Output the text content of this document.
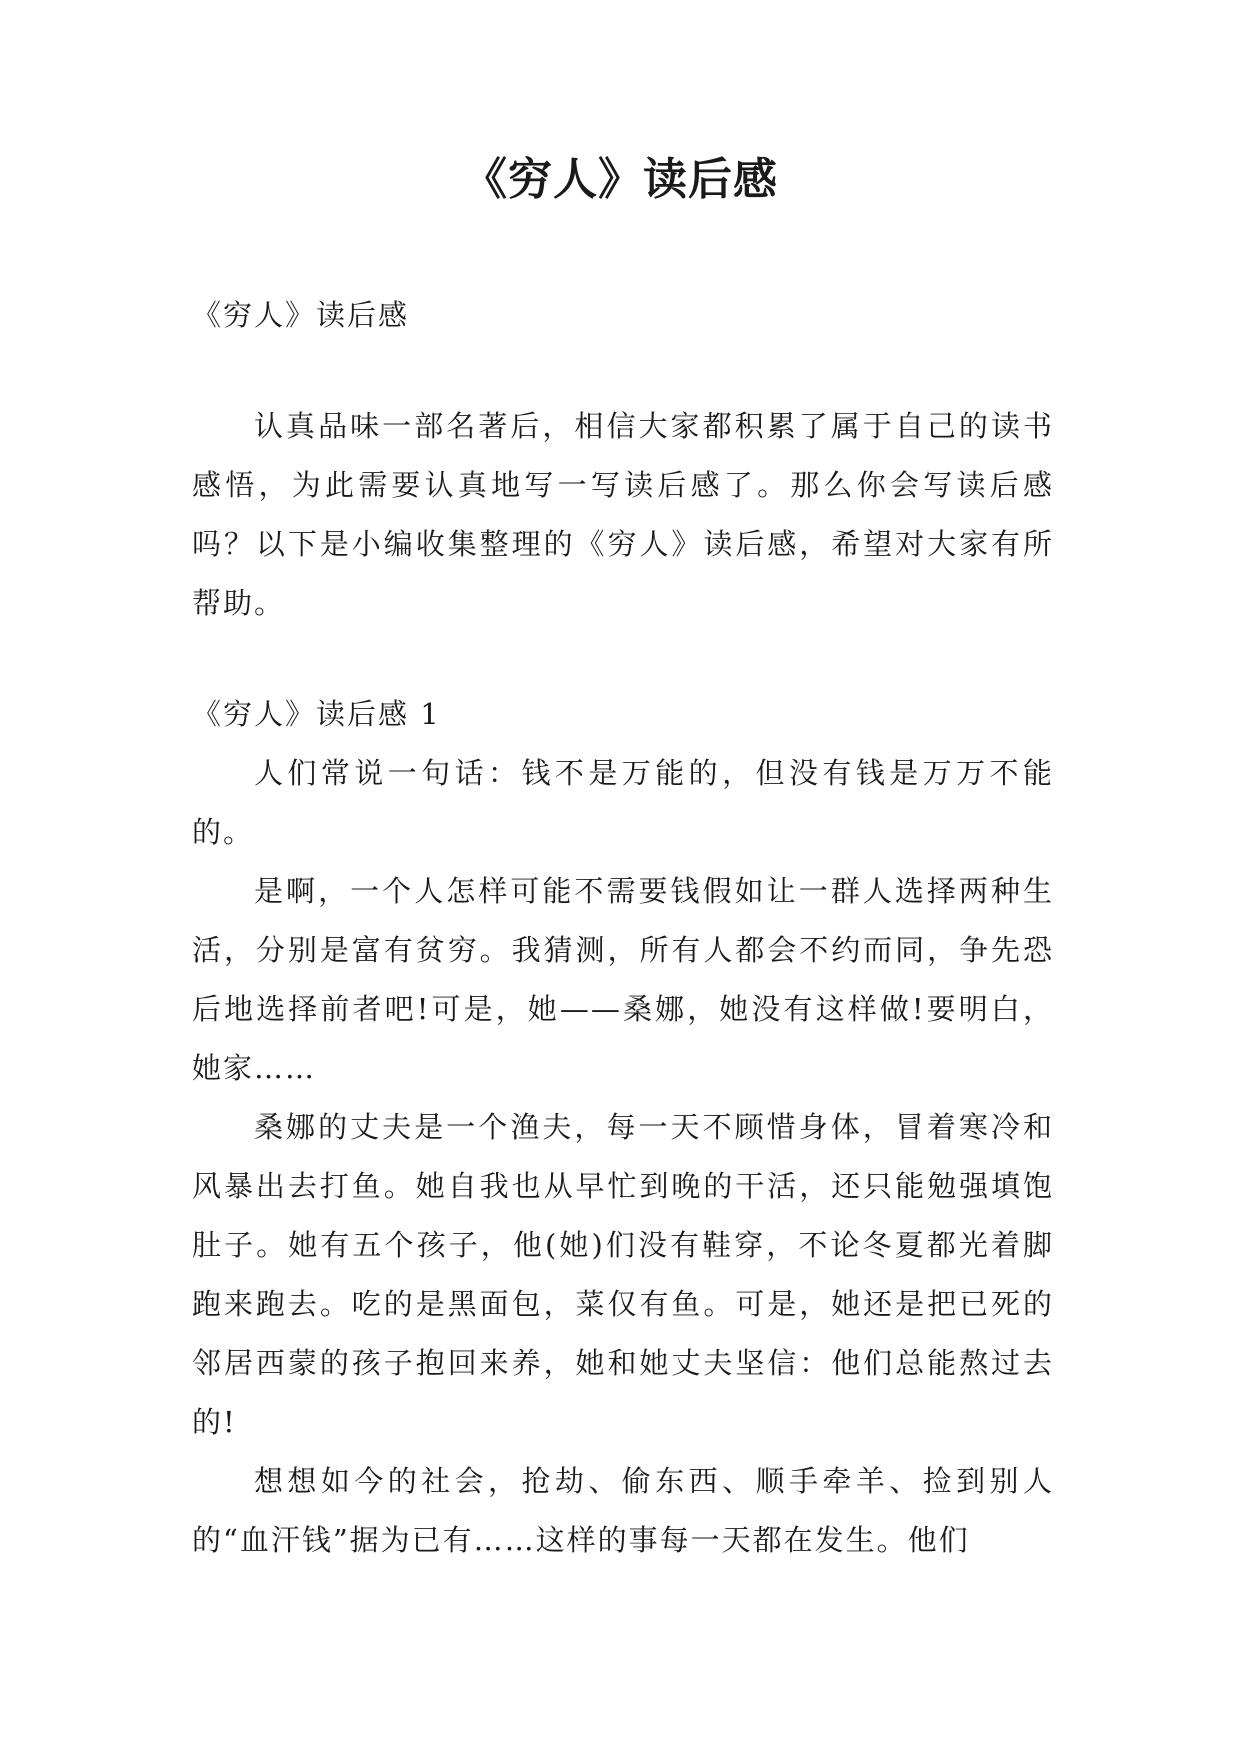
《穷人》读后感

《穷人》读后感

认真品味一部名著后，相信大家都积累了属于自己的读书感悟，为此需要认真地写一写读后感了。那么你会写读后感吗？以下是小编收集整理的《穷人》读后感，希望对大家有所帮助。

《穷人》读后感 1

人们常说一句话：钱不是万能的，但没有钱是万万不能的。

是啊，一个人怎样可能不需要钱假如让一群人选择两种生活，分别是富有贫穷。我猜测，所有人都会不约而同，争先恐后地选择前者吧!可是，她——桑娜，她没有这样做!要明白，她家……

桑娜的丈夫是一个渔夫，每一天不顾惜身体，冒着寒冷和风暴出去打鱼。她自我也从早忙到晚的干活，还只能勉强填饱肚子。她有五个孩子，他(她)们没有鞋穿，不论冬夏都光着脚跑来跑去。吃的是黑面包，菜仅有鱼。可是，她还是把已死的邻居西蒙的孩子抱回来养，她和她丈夫坚信：他们总能熬过去的!

想想如今的社会，抢劫、偷东西、顺手牵羊、捡到别人的“血汗钱”据为已有……这样的事每一天都在发生。他们
